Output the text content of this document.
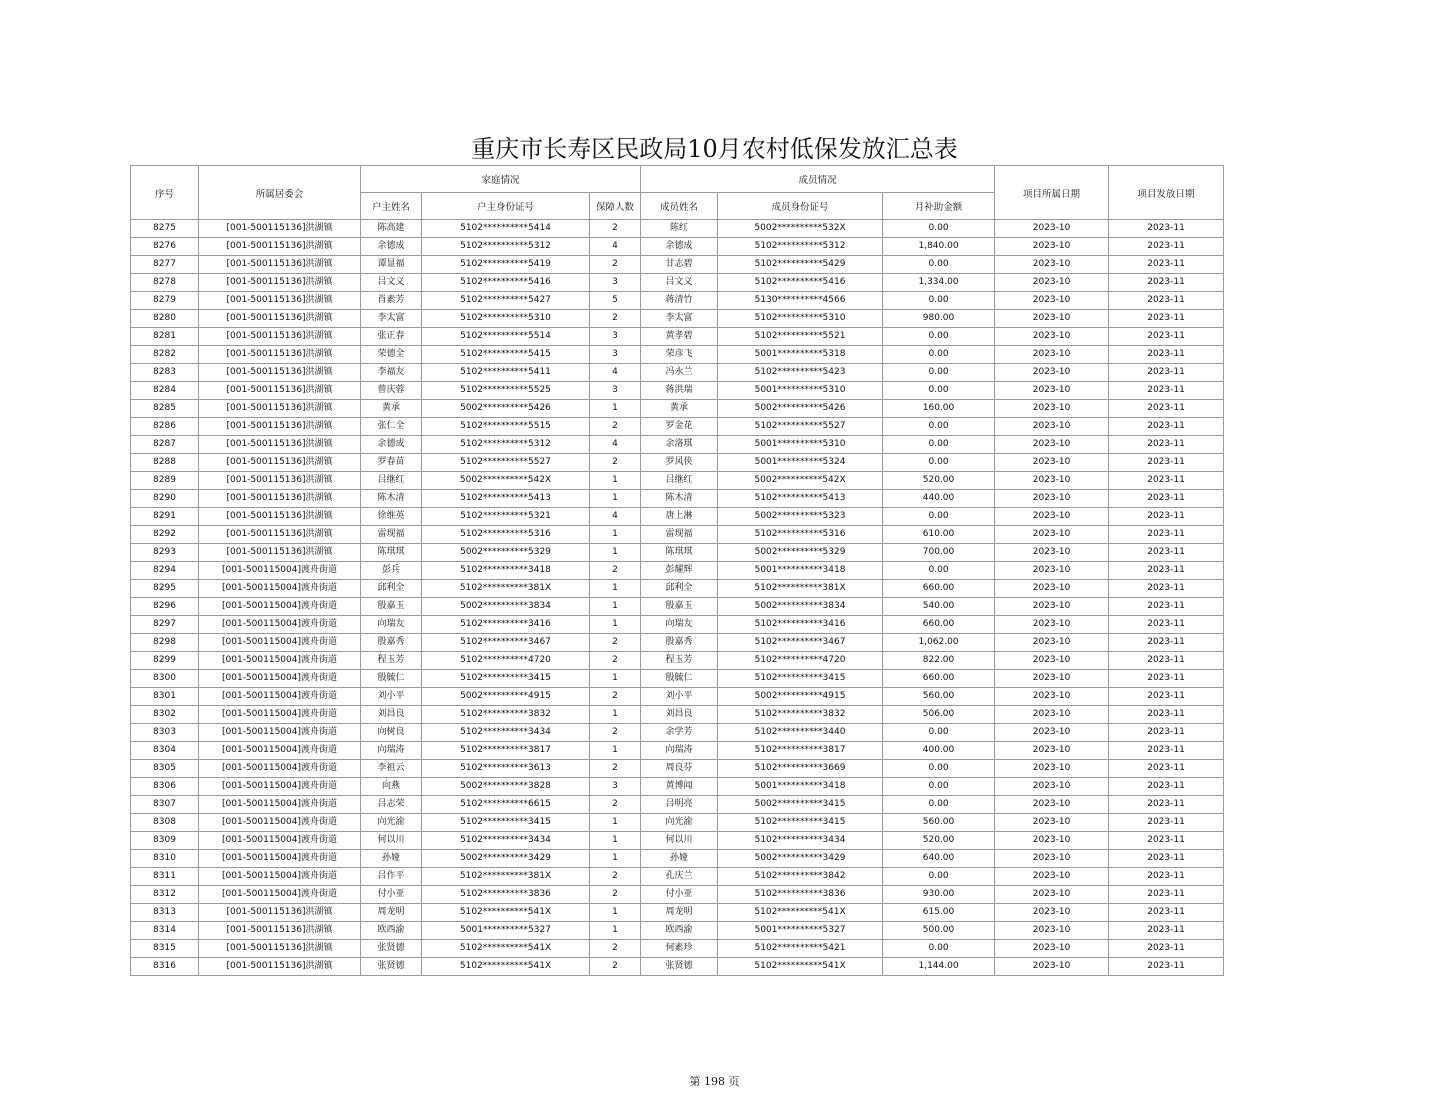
重庆市长寿区民政局10月农村低保发放汇总表
序号	所属居委会	家庭情况			成员情况			项目所属日期	项目发放日期
		户主姓名	户主身份证号	保障人数	成员姓名	成员身份证号	月补助金额		
8275	[001-500115136]洪湖镇	陈高建	5102**********5414	2	陈红	5002**********532X	0.00	2023-10	2023-11
8276	[001-500115136]洪湖镇	余德成	5102**********5312	4	余德成	5102**********5312	1,840.00	2023-10	2023-11
8277	[001-500115136]洪湖镇	谭显福	5102**********5419	2	甘志碧	5102**********5429	0.00	2023-10	2023-11
8278	[001-500115136]洪湖镇	吕文义	5102**********5416	3	吕文义	5102**********5416	1,334.00	2023-10	2023-11
8279	[001-500115136]洪湖镇	肖素芳	5102**********5427	5	蒋清竹	5130**********4566	0.00	2023-10	2023-11
8280	[001-500115136]洪湖镇	李太富	5102**********5310	2	李太富	5102**********5310	980.00	2023-10	2023-11
8281	[001-500115136]洪湖镇	张正春	5102**********5514	3	黄孝碧	5102**********5521	0.00	2023-10	2023-11
8282	[001-500115136]洪湖镇	荣德全	5102**********5415	3	荣彦飞	5001**********5318	0.00	2023-10	2023-11
8283	[001-500115136]洪湖镇	李福友	5102**********5411	4	冯永兰	5102**********5423	0.00	2023-10	2023-11
8284	[001-500115136]洪湖镇	曾庆蓉	5102**********5525	3	蒋洪瑞	5001**********5310	0.00	2023-10	2023-11
8285	[001-500115136]洪湖镇	黄承	5002**********5426	1	黄承	5002**********5426	160.00	2023-10	2023-11
8286	[001-500115136]洪湖镇	张仁全	5102**********5515	2	罗金花	5102**********5527	0.00	2023-10	2023-11
8287	[001-500115136]洪湖镇	余德成	5102**********5312	4	余洛琪	5001**********5310	0.00	2023-10	2023-11
8288	[001-500115136]洪湖镇	罗春苗	5102**********5527	2	罗风侠	5001**********5324	0.00	2023-10	2023-11
8289	[001-500115136]洪湖镇	吕继红	5002**********542X	1	吕继红	5002**********542X	520.00	2023-10	2023-11
8290	[001-500115136]洪湖镇	陈木清	5102**********5413	1	陈木清	5102**********5413	440.00	2023-10	2023-11
8291	[001-500115136]洪湖镇	徐维英	5102**********5321	4	唐上淋	5002**********5323	0.00	2023-10	2023-11
8292	[001-500115136]洪湖镇	雷现福	5102**********5316	1	雷现福	5102**********5316	610.00	2023-10	2023-11
8293	[001-500115136]洪湖镇	陈琪琪	5002**********5329	1	陈琪琪	5002**********5329	700.00	2023-10	2023-11
8294	[001-500115004]渡舟街道	彭兵	5102**********3418	2	彭耀辉	5001**********3418	0.00	2023-10	2023-11
8295	[001-500115004]渡舟街道	邱利全	5102**********381X	1	邱利全	5102**********381X	660.00	2023-10	2023-11
8296	[001-500115004]渡舟街道	殷嘉玉	5002**********3834	1	殷嘉玉	5002**********3834	540.00	2023-10	2023-11
8297	[001-500115004]渡舟街道	向瑞友	5102**********3416	1	向瑞友	5102**********3416	660.00	2023-10	2023-11
8298	[001-500115004]渡舟街道	殷嘉秀	5102**********3467	2	殷嘉秀	5102**********3467	1,062.00	2023-10	2023-11
8299	[001-500115004]渡舟街道	程玉芳	5102**********4720	2	程玉芳	5102**********4720	822.00	2023-10	2023-11
8300	[001-500115004]渡舟街道	殷毓仁	5102**********3415	1	殷毓仁	5102**********3415	660.00	2023-10	2023-11
8301	[001-500115004]渡舟街道	刘小平	5002**********4915	2	刘小平	5002**********4915	560.00	2023-10	2023-11
8302	[001-500115004]渡舟街道	刘昌良	5102**********3832	1	刘昌良	5102**********3832	506.00	2023-10	2023-11
8303	[001-500115004]渡舟街道	向树良	5102**********3434	2	余学芳	5102**********3440	0.00	2023-10	2023-11
8304	[001-500115004]渡舟街道	向瑞涛	5102**********3817	1	向瑞涛	5102**********3817	400.00	2023-10	2023-11
8305	[001-500115004]渡舟街道	李祖云	5102**********3613	2	周良芬	5102**********3669	0.00	2023-10	2023-11
8306	[001-500115004]渡舟街道	向燕	5002**********3828	3	黄博闻	5001**********3418	0.00	2023-10	2023-11
8307	[001-500115004]渡舟街道	吕志荣	5102**********6615	2	吕明亮	5002**********3415	0.00	2023-10	2023-11
8308	[001-500115004]渡舟街道	向光渝	5102**********3415	1	向光渝	5102**********3415	560.00	2023-10	2023-11
8309	[001-500115004]渡舟街道	何以川	5102**********3434	1	何以川	5102**********3434	520.00	2023-10	2023-11
8310	[001-500115004]渡舟街道	孙娅	5002**********3429	1	孙娅	5002**********3429	640.00	2023-10	2023-11
8311	[001-500115004]渡舟街道	吕作平	5102**********381X	2	孔庆兰	5102**********3842	0.00	2023-10	2023-11
8312	[001-500115004]渡舟街道	付小亚	5102**********3836	2	付小亚	5102**********3836	930.00	2023-10	2023-11
8313	[001-500115136]洪湖镇	周龙明	5102**********541X	1	周龙明	5102**********541X	615.00	2023-10	2023-11
8314	[001-500115136]洪湖镇	欧西渝	5001**********5327	1	欧西渝	5001**********5327	500.00	2023-10	2023-11
8315	[001-500115136]洪湖镇	张贤德	5102**********541X	2	何素珍	5102**********5421	0.00	2023-10	2023-11
8316	[001-500115136]洪湖镇	张贤德	5102**********541X	2	张贤德	5102**********541X	1,144.00	2023-10	2023-11
第 198 页
